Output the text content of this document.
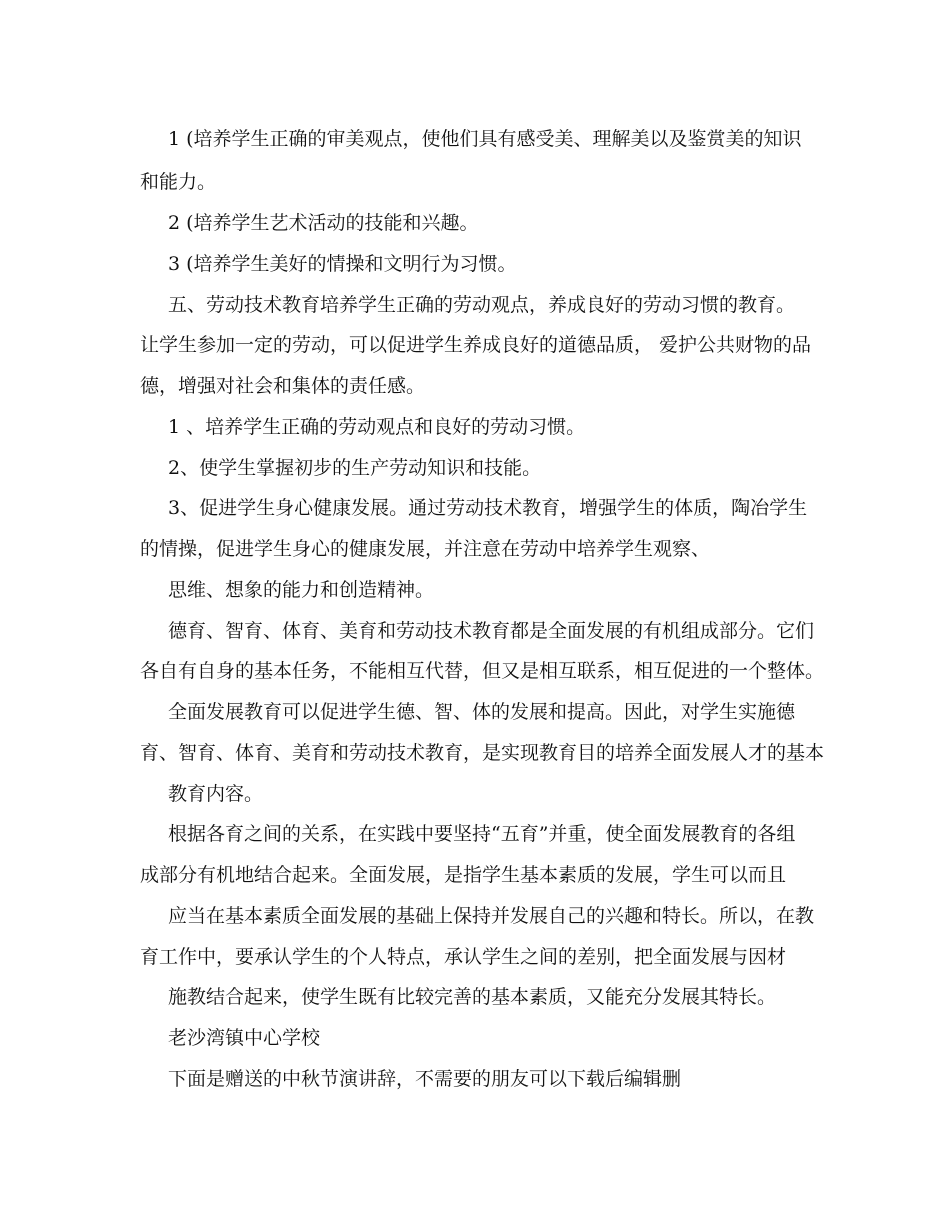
1 (培养学生正确的审美观点，使他们具有感受美、理解美以及鉴赏美的知识
和能力。
2 (培养学生艺术活动的技能和兴趣。
3 (培养学生美好的情操和文明行为习惯。
五、劳动技术教育培养学生正确的劳动观点，养成良好的劳动习惯的教育。
让学生参加一定的劳动，可以促进学生养成良好的道德品质， 爱护公共财物的品
德，增强对社会和集体的责任感。
1 、培养学生正确的劳动观点和良好的劳动习惯。
2、使学生掌握初步的生产劳动知识和技能。
3、促进学生身心健康发展。通过劳动技术教育，增强学生的体质，陶冶学生
的情操，促进学生身心的健康发展，并注意在劳动中培养学生观察、
思维、想象的能力和创造精神。
德育、智育、体育、美育和劳动技术教育都是全面发展的有机组成部分。它们
各自有自身的基本任务，不能相互代替，但又是相互联系，相互促进的一个整体。
全面发展教育可以促进学生德、智、体的发展和提高。因此，对学生实施德
育、智育、体育、美育和劳动技术教育，是实现教育目的培养全面发展人才的基本
教育内容。
根据各育之间的关系，在实践中要坚持“五育”并重，使全面发展教育的各组
成部分有机地结合起来。全面发展，是指学生基本素质的发展，学生可以而且
应当在基本素质全面发展的基础上保持并发展自己的兴趣和特长。所以，在教
育工作中，要承认学生的个人特点，承认学生之间的差别，把全面发展与因材
施教结合起来，使学生既有比较完善的基本素质，又能充分发展其特长。
老沙湾镇中心学校
下面是赠送的中秋节演讲辞，不需要的朋友可以下载后编辑删
